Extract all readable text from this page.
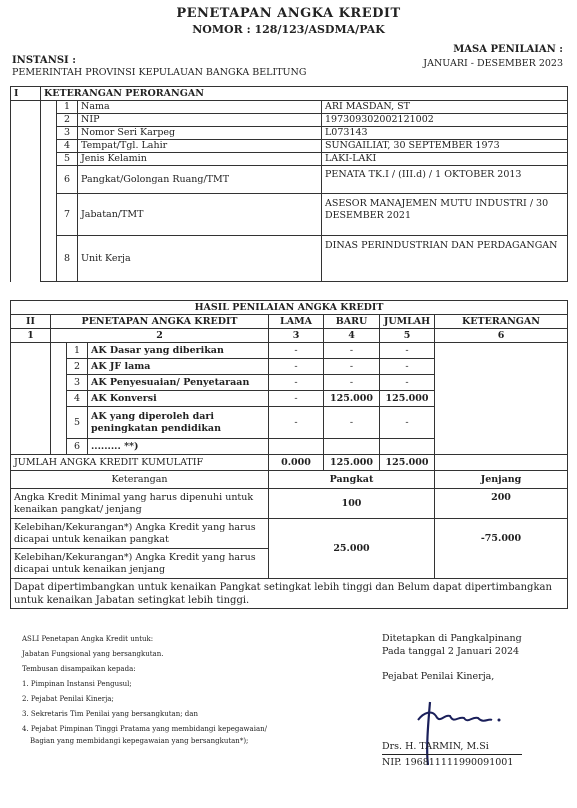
PENETAPAN ANGKA KREDIT
NOMOR : 128/123/ASDMA/PAK
INSTANSI :
PEMERINTAH PROVINSI KEPULAUAN BANGKA BELITUNG
MASA PENILAIAN :
JANUARI - DESEMBER 2023
I	KETERANGAN PERORANGAN			
		1	Nama	ARI MASDAN, ST
		2	NIP	197309302002121002
		3	Nomor Seri Karpeg	L073143
		4	Tempat/Tgl. Lahir	SUNGAILIAT, 30 SEPTEMBER 1973
		5	Jenis Kelamin	LAKI-LAKI
		6	Pangkat/Golongan Ruang/TMT	PENATA TK.I / (III.d) / 1 OKTOBER 2013
		7	Jabatan/TMT	ASESOR MANAJEMEN MUTU INDUSTRI / 30 DESEMBER 2021
		8	Unit Kerja	DINAS PERINDUSTRIAN DAN PERDAGANGAN
HASIL PENILAIAN ANGKA KREDIT							
II	PENETAPAN ANGKA KREDIT			LAMA	BARU	JUMLAH	KETERANGAN
1	2			3	4	5	6
		1	AK Dasar yang diberikan	-	-	-	
		2	AK JF lama	-	-	-	
		3	AK Penyesuaian/ Penyetaraan	-	-	-	
		4	AK Konversi	-	125.000	125.000	
		5	AK yang diperoleh dari peningkatan pendidikan	-	-	-	
		6	......... **)				
JUMLAH ANGKA KREDIT KUMULATIF				0.000	125.000	125.000	
Keterangan				Pangkat			Jenjang
Angka Kredit Minimal yang harus dipenuhi untuk kenaikan pangkat/ jenjang				100			200
Kelebihan/Kekurangan*) Angka Kredit yang harus dicapai untuk kenaikan pangkat				25.000			-75.000
Kelebihan/Kekurangan*) Angka Kredit yang harus dicapai untuk kenaikan jenjang							
Dapat dipertimbangkan untuk kenaikan Pangkat setingkat lebih tinggi dan Belum dapat dipertimbangkan untuk kenaikan Jabatan setingkat lebih tinggi.							
ASLI Penetapan Angka Kredit untuk:
Jabatan Fungsional yang bersangkutan.
Tembusan disampaikan kepada:
1. Pimpinan Instansi Pengusul;
2. Pejabat Penilai Kinerja;
3. Sekretaris Tim Penilai yang bersangkutan; dan
4. Pejabat Pimpinan Tinggi Pratama yang membidangi kepegawaian/
Bagian yang membidangi kepegawaian yang bersangkutan*);
Ditetapkan di Pangkalpinang
Pada tanggal 2 Januari 2024
Pejabat Penilai Kinerja,
Drs. H. TARMIN, M.Si
NIP. 196811111990091001
